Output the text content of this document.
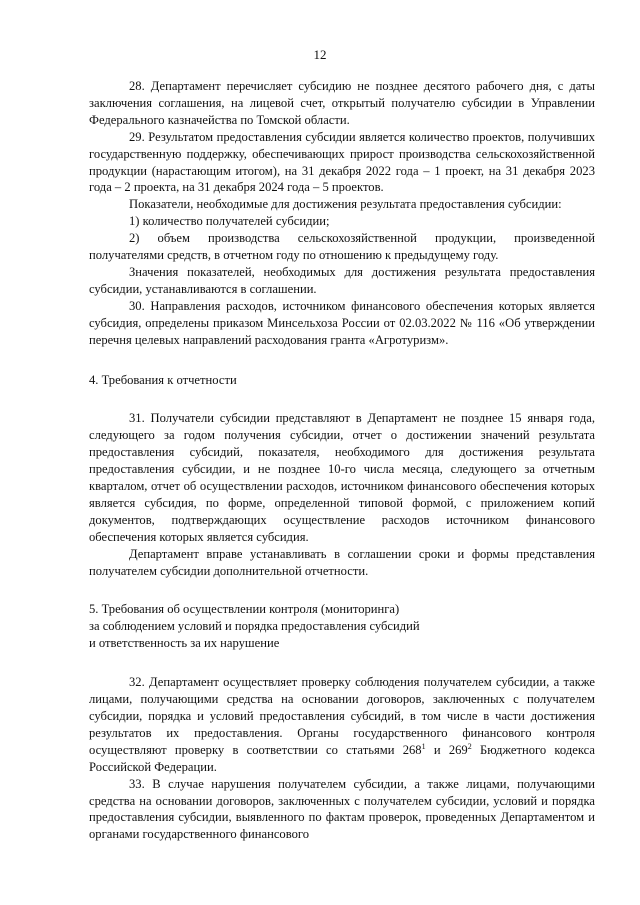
12

28. Департамент перечисляет субсидию не позднее десятого рабочего дня, с даты заключения соглашения, на лицевой счет, открытый получателю субсидии в Управлении Федерального казначейства по Томской области.

29. Результатом предоставления субсидии является количество проектов, получивших государственную поддержку, обеспечивающих прирост производства сельскохозяйственной продукции (нарастающим итогом), на 31 декабря 2022 года – 1 проект, на 31 декабря 2023 года – 2 проекта, на 31 декабря 2024 года – 5 проектов.

Показатели, необходимые для достижения результата предоставления субсидии:

1) количество получателей субсидии;

2) объем производства сельскохозяйственной продукции, произведенной получателями средств, в отчетном году по отношению к предыдущему году.

Значения показателей, необходимых для достижения результата предоставления субсидии, устанавливаются в соглашении.

30. Направления расходов, источником финансового обеспечения которых является субсидия, определены приказом Минсельхоза России от 02.03.2022 № 116 «Об утверждении перечня целевых направлений расходования гранта «Агротуризм».

4. Требования к отчетности

31. Получатели субсидии представляют в Департамент не позднее 15 января года, следующего за годом получения субсидии, отчет о достижении значений результата предоставления субсидий, показателя, необходимого для достижения результата предоставления субсидии, и не позднее 10-го числа месяца, следующего за отчетным кварталом, отчет об осуществлении расходов, источником финансового обеспечения которых является субсидия, по форме, определенной типовой формой, с приложением копий документов, подтверждающих осуществление расходов источником финансового обеспечения которых является субсидия.

Департамент вправе устанавливать в соглашении сроки и формы представления получателем субсидии дополнительной отчетности.

5. Требования об осуществлении контроля (мониторинга)

за соблюдением условий и порядка предоставления субсидий

и ответственность за их нарушение

32. Департамент осуществляет проверку соблюдения получателем субсидии, а также лицами, получающими средства на основании договоров, заключенных с получателем субсидии, порядка и условий предоставления субсидий, в том числе в части достижения результатов их предоставления. Органы государственного финансового контроля осуществляют проверку в соответствии со статьями $268^1$ и $269^2$ Бюджетного кодекса Российской Федерации.

33. В случае нарушения получателем субсидии, а также лицами, получающими средства на основании договоров, заключенных с получателем субсидии, условий и порядка предоставления субсидии, выявленного по фактам проверок, проведенных Департаментом и органами государственного финансового
